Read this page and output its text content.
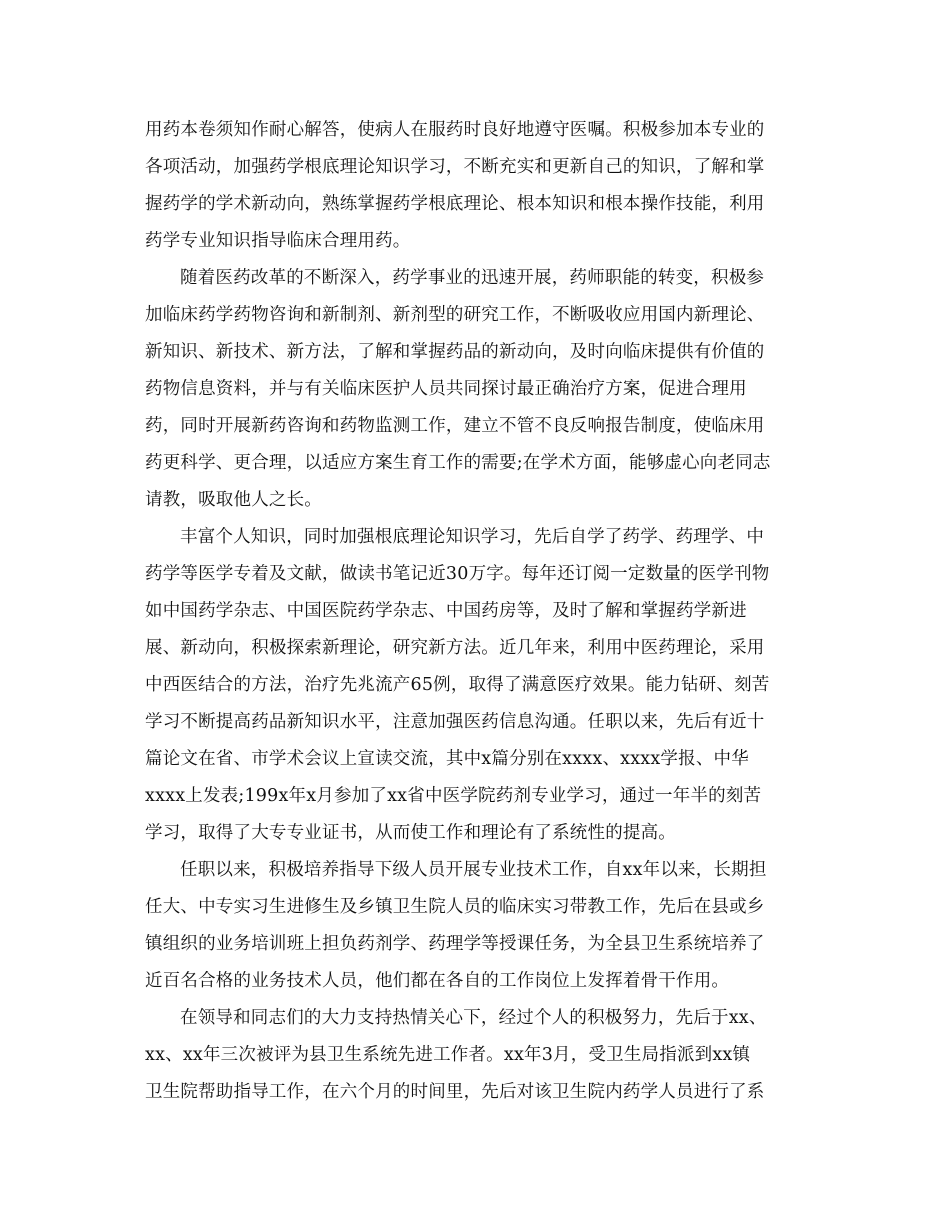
用药本卷须知作耐心解答，使病人在服药时良好地遵守医嘱。积极参加本专业的
各项活动，加强药学根底理论知识学习，不断充实和更新自己的知识，了解和掌
握药学的学术新动向，熟练掌握药学根底理论、根本知识和根本操作技能，利用
药学专业知识指导临床合理用药。
随着医药改革的不断深入，药学事业的迅速开展，药师职能的转变，积极参
加临床药学药物咨询和新制剂、新剂型的研究工作，不断吸收应用国内新理论、
新知识、新技术、新方法，了解和掌握药品的新动向，及时向临床提供有价值的
药物信息资料，并与有关临床医护人员共同探讨最正确治疗方案，促进合理用
药，同时开展新药咨询和药物监测工作，建立不管不良反响报告制度，使临床用
药更科学、更合理，以适应方案生育工作的需要;在学术方面，能够虚心向老同志
请教，吸取他人之长。
丰富个人知识，同时加强根底理论知识学习，先后自学了药学、药理学、中
药学等医学专着及文献，做读书笔记近30万字。每年还订阅一定数量的医学刊物
如中国药学杂志、中国医院药学杂志、中国药房等，及时了解和掌握药学新进
展、新动向，积极探索新理论，研究新方法。近几年来，利用中医药理论，采用
中西医结合的方法，治疗先兆流产65例，取得了满意医疗效果。能力钻研、刻苦
学习不断提高药品新知识水平，注意加强医药信息沟通。任职以来，先后有近十
篇论文在省、市学术会议上宣读交流，其中x篇分别在xxxx、xxxx学报、中华
xxxx上发表;199x年x月参加了xx省中医学院药剂专业学习，通过一年半的刻苦
学习，取得了大专专业证书，从而使工作和理论有了系统性的提高。
任职以来，积极培养指导下级人员开展专业技术工作，自xx年以来，长期担
任大、中专实习生进修生及乡镇卫生院人员的临床实习带教工作，先后在县或乡
镇组织的业务培训班上担负药剂学、药理学等授课任务，为全县卫生系统培养了
近百名合格的业务技术人员，他们都在各自的工作岗位上发挥着骨干作用。
在领导和同志们的大力支持热情关心下，经过个人的积极努力，先后于xx、
xx、xx年三次被评为县卫生系统先进工作者。xx年3月，受卫生局指派到xx镇
卫生院帮助指导工作，在六个月的时间里，先后对该卫生院内药学人员进行了系
